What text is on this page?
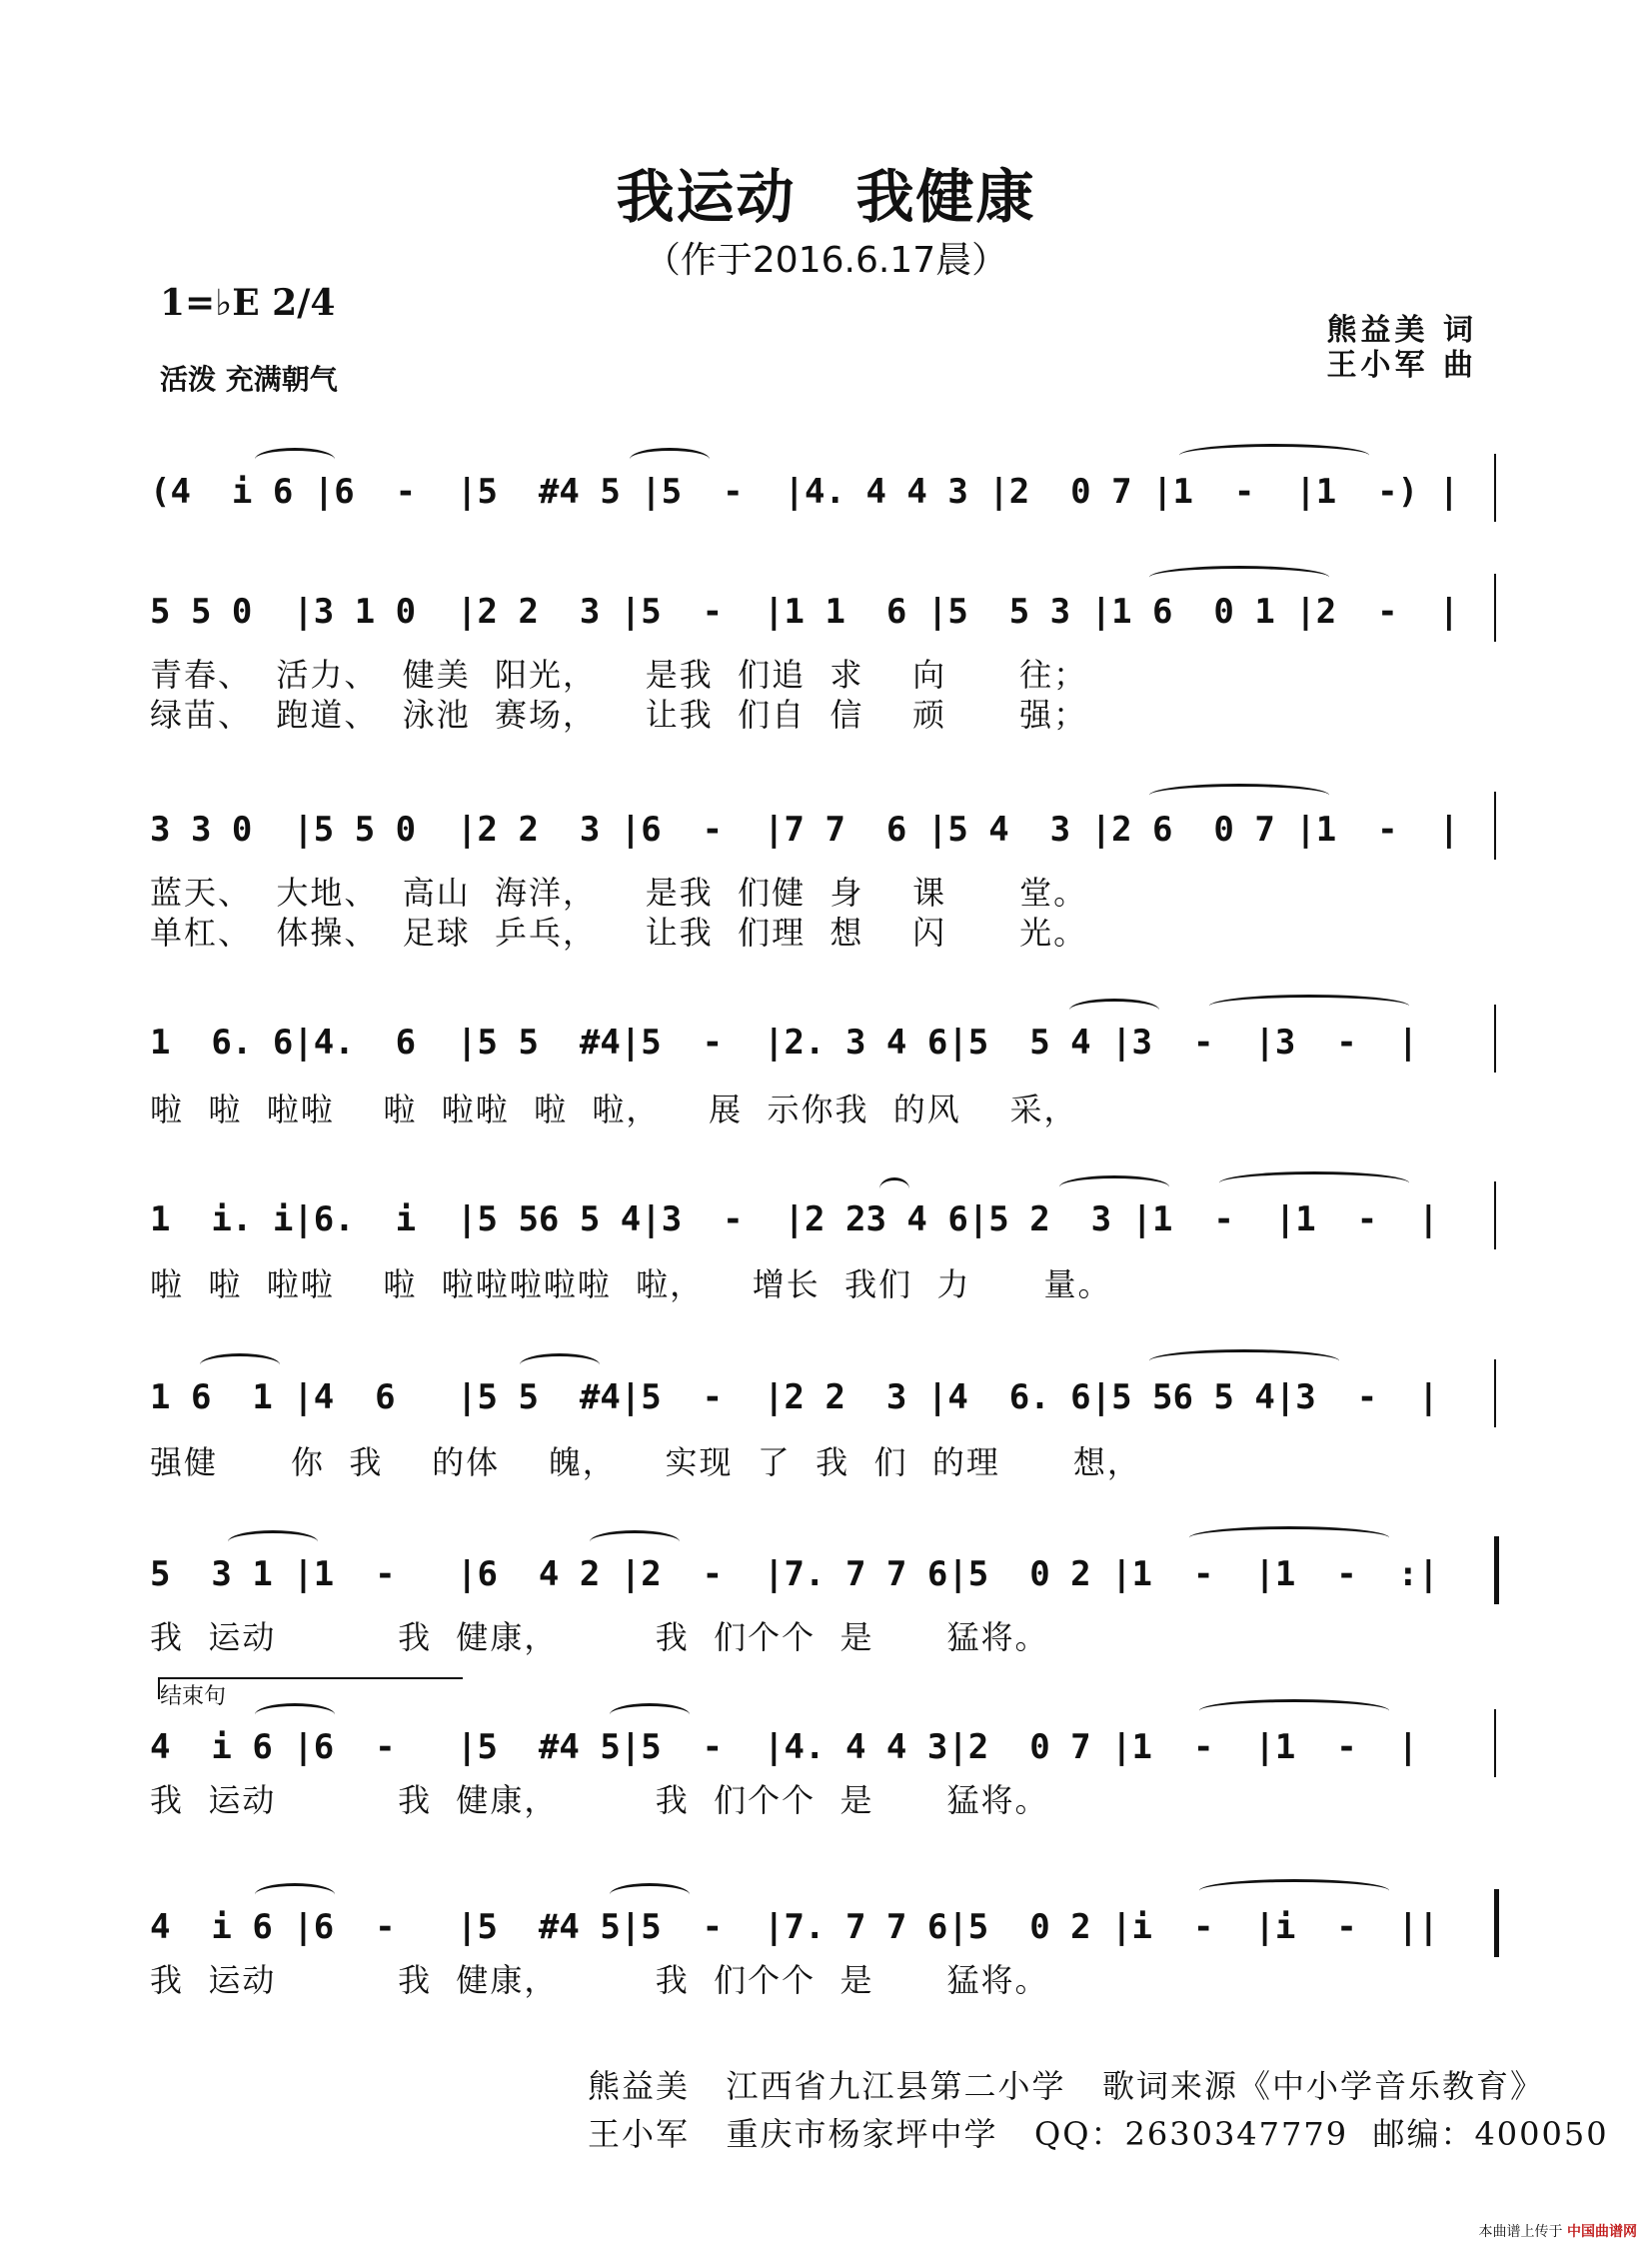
我运动　我健康
（作于2016.6.17晨）
1=♭E 2/4
活泼 充满朝气
熊益美 词
王小军 曲
(4  i 6 |6  -  |5  #4 5 |5  -  |4. 4 4 3 |2  0 7 |1  -  |1  -) |
5 5 0  |3 1 0  |2 2  3 |5  -  |1 1  6 |5  5 3 |1 6  0 1 |2  -  |
青春、  活力、  健美  阳光，    是我  们追  求    向      往；
绿苗、  跑道、  泳池  赛场，    让我  们自  信    顽      强；
3 3 0  |5 5 0  |2 2  3 |6  -  |7 7  6 |5 4  3 |2 6  0 7 |1  -  |
蓝天、  大地、  高山  海洋，    是我  们健  身    课      堂。
单杠、  体操、  足球  乒乓，    让我  们理  想    闪      光。
1  6. 6|4.  6  |5 5  #4|5  -  |2. 3 4 6|5  5 4 |3  -  |3  -  |
啦  啦  啦啦    啦  啦啦  啦  啦，    展  示你我  的风    采，
1  i. i|6.  i  |5 56 5 4|3  -  |2 23 4 6|5 2  3 |1  -  |1  -  |
啦  啦  啦啦    啦  啦啦啦啦啦  啦，    增长  我们  力      量。
1 6  1 |4  6   |5 5  #4|5  -  |2 2  3 |4  6. 6|5 56 5 4|3  -  |
强健      你  我    的体    魄，    实现  了  我  们  的理      想，
5  3 1 |1  -   |6  4 2 |2  -  |7. 7 7 6|5  0 2 |1  -  |1  -  :|
我  运动          我  健康，        我  们个个  是      猛将。
结束句
4  i 6 |6  -   |5  #4 5|5  -  |4. 4 4 3|2  0 7 |1  -  |1  -  |
我  运动          我  健康，        我  们个个  是      猛将。
4  i 6 |6  -   |5  #4 5|5  -  |7. 7 7 6|5  0 2 |i  -  |i  -  ||
我  运动          我  健康，        我  们个个  是      猛将。
熊益美   江西省九江县第二小学   歌词来源《中小学音乐教育》
王小军   重庆市杨家坪中学   QQ：2630347779  邮编：400050
本曲谱上传于 中国曲谱网
